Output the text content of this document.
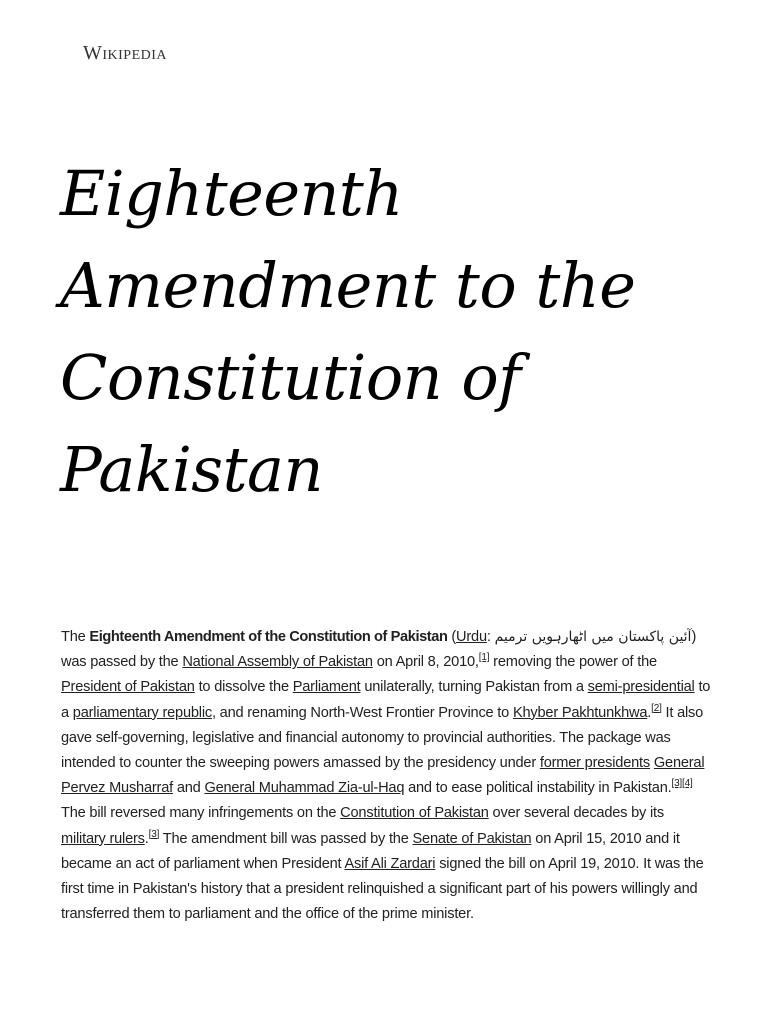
Wikipedia
Eighteenth Amendment to the Constitution of Pakistan

The Eighteenth Amendment of the Constitution of Pakistan (Urdu: آئین پاکستان میں اٹھارہویں ترمیم) was passed by the National Assembly of Pakistan on April 8, 2010,[1] removing the power of the President of Pakistan to dissolve the Parliament unilaterally, turning Pakistan from a semi-presidential to a parliamentary republic, and renaming North-West Frontier Province to Khyber Pakhtunkhwa.[2] It also gave self-governing, legislative and financial autonomy to provincial authorities. The package was intended to counter the sweeping powers amassed by the presidency under former presidents General Pervez Musharraf and General Muhammad Zia-ul-Haq and to ease political instability in Pakistan.[3][4] The bill reversed many infringements on the Constitution of Pakistan over several decades by its military rulers.[3] The amendment bill was passed by the Senate of Pakistan on April 15, 2010 and it became an act of parliament when President Asif Ali Zardari signed the bill on April 19, 2010. It was the first time in Pakistan's history that a president relinquished a significant part of his powers willingly and transferred them to parliament and the office of the prime minister.
